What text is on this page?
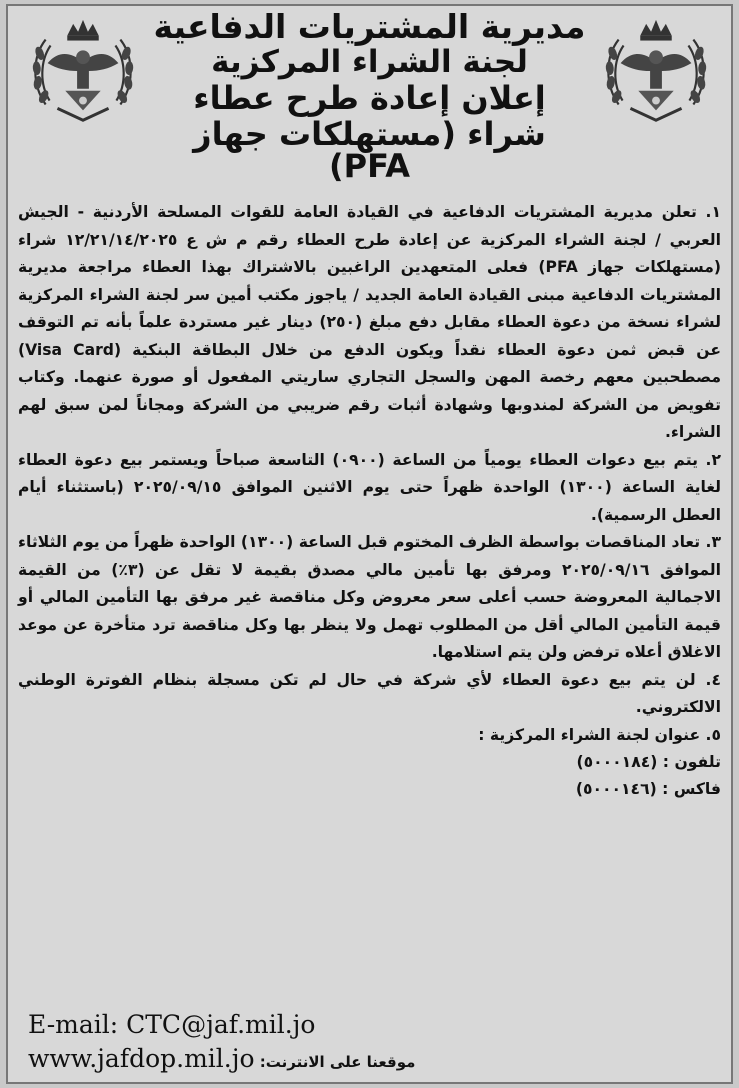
مديرية المشتريات الدفاعية
لجنة الشراء المركزية
إعلان إعادة طرح عطاء
شراء (مستهلكات جهاز PFA)

١. تعلن مديرية المشتريات الدفاعية في القيادة العامة للقوات المسلحة الأردنية - الجيش العربي / لجنة الشراء المركزية عن إعادة طرح العطاء رقم م ش ع ١٢/٢١/١٤/٢٠٢٥ شراء (مستهلكات جهاز PFA) فعلى المتعهدين الراغبين بالاشتراك بهذا العطاء مراجعة مديرية المشتريات الدفاعية مبنى القيادة العامة الجديد / ياجوز مكتب أمين سر لجنة الشراء المركزية لشراء نسخة من دعوة العطاء مقابل دفع مبلغ (٢٥٠) دينار غير مستردة علماً بأنه تم التوقف عن قبض ثمن دعوة العطاء نقداً ويكون الدفع من خلال البطاقة البنكية (Visa Card) مصطحبين معهم رخصة المهن والسجل التجاري ساريتي المفعول أو صورة عنهما. وكتاب تفويض من الشركة لمندوبها وشهادة أثبات رقم ضريبي من الشركة ومجاناً لمن سبق لهم الشراء.

٢. يتم بيع دعوات العطاء يومياً من الساعة (٠٩٠٠) التاسعة صباحاً ويستمر بيع دعوة العطاء لغاية الساعة (١٣٠٠) الواحدة ظهراً حتى يوم الاثنين الموافق ٢٠٢٥/٠٩/١٥ (باستثناء أيام العطل الرسمية).

٣. تعاد المناقصات بواسطة الظرف المختوم قبل الساعة (١٣٠٠) الواحدة ظهراً من يوم الثلاثاء الموافق ٢٠٢٥/٠٩/١٦ ومرفق بها تأمين مالي مصدق بقيمة لا تقل عن (٣٪) من القيمة الاجمالية المعروضة حسب أعلى سعر معروض وكل مناقصة غير مرفق بها التأمين المالي أو قيمة التأمين المالي أقل من المطلوب تهمل ولا ينظر بها وكل مناقصة ترد متأخرة عن موعد الاغلاق أعلاه ترفض ولن يتم استلامها.

٤. لن يتم بيع دعوة العطاء لأي شركة في حال لم تكن مسجلة بنظام الفوترة الوطني الالكتروني.

٥. عنوان لجنة الشراء المركزية :

تلفون : (٥٠٠٠١٨٤)

فاكس : (٥٠٠٠١٤٦)

E-mail: CTC@jaf.mil.jo
موقعنا على الانترنت: www.jafdop.mil.jo
